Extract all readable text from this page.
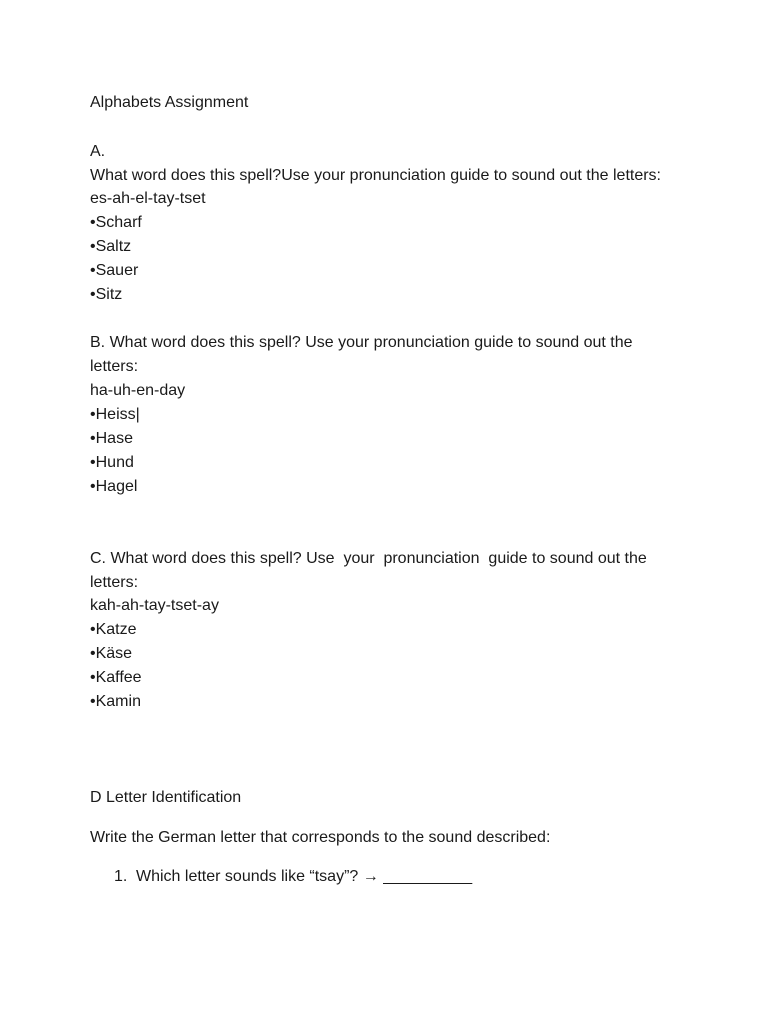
Alphabets Assignment
A.
What word does this spell?Use your pronunciation guide to sound out the letters:
es-ah-el-tay-tset
• Scharf
• Saltz
• Sauer
• Sitz
B. What word does this spell? Use your pronunciation guide to sound out the
letters:
ha-uh-en-day
• Heiss|
• Hase
• Hund
• Hagel
C. What word does this spell? Use  your  pronunciation  guide to sound out the
letters:
kah-ah-tay-tset-ay
• Katze
• Käse
• Kaffee
• Kamin
D Letter Identification
Write the German letter that corresponds to the sound described:
1. Which letter sounds like “tsay”? → __________
